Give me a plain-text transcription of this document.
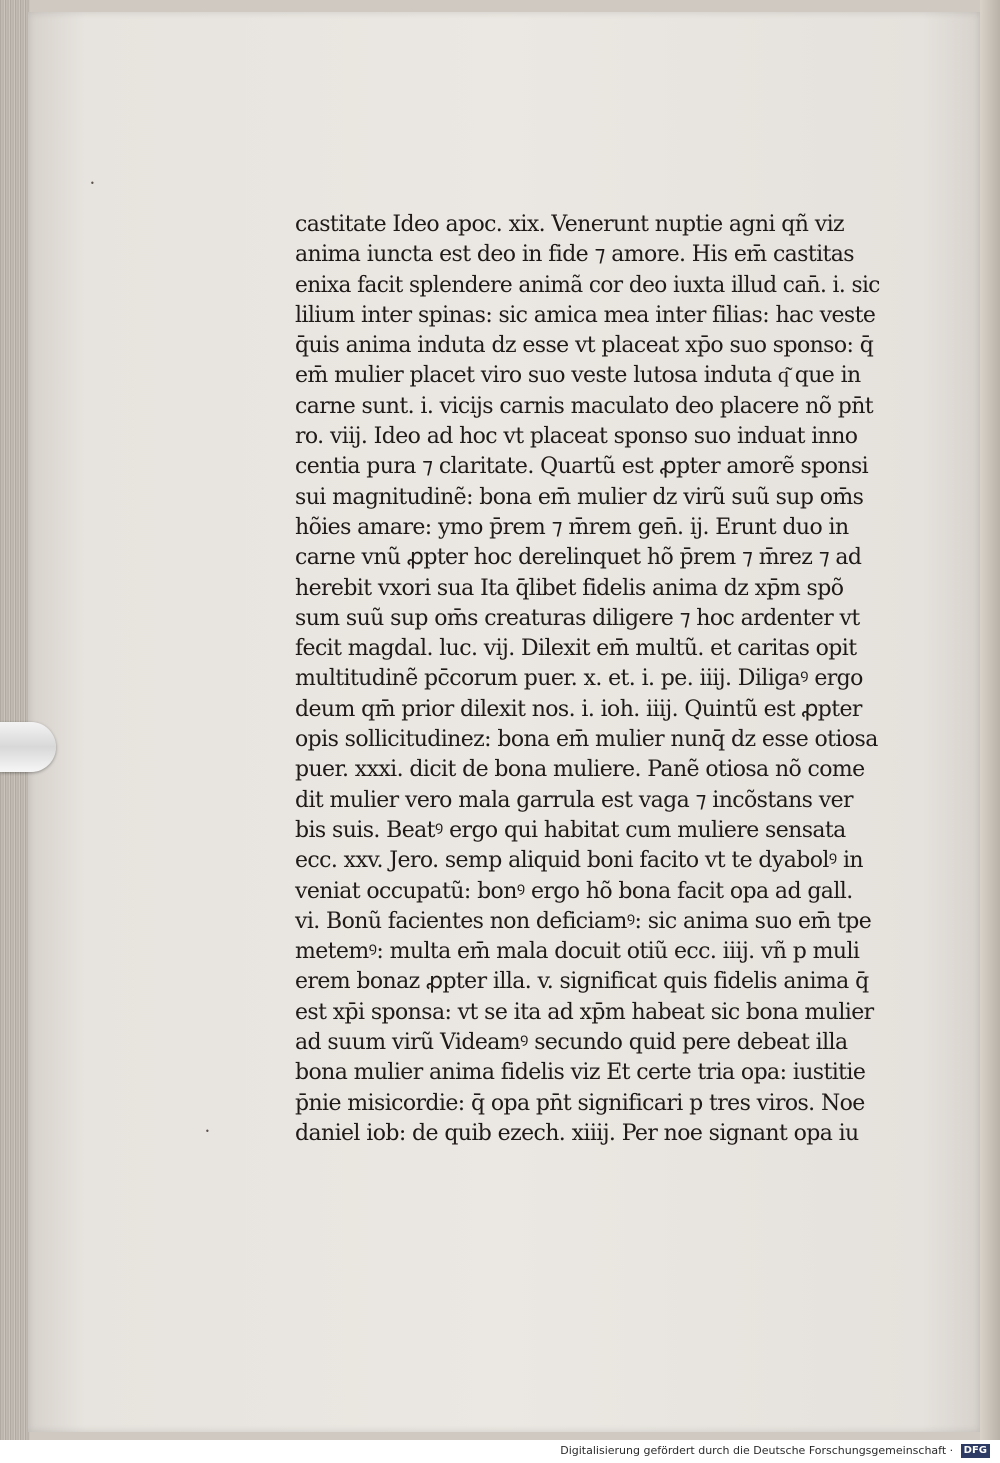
•
•
castitate Ideo apoc. xix. Venerunt nuptie agni qñ viz
anima iuncta est deo in fide ⁊ amore. His em̄ castitas
enixa facit splendere animã cor deo iuxta illud can̄. i. sic
lilium inter spinas: sic amica mea inter filias: hac veste
q̄uis anima induta dz esse vt placeat xp̄o suo sponso: q̄
em̄ mulier placet viro suo veste lutosa induta q͂ que in
carne sunt. i. vicijs carnis maculato deo placere nõ pn̄t
ro. viij. Ideo ad hoc vt placeat sponso suo induat inno
centia pura ⁊ claritate. Quartũ est ꝓpter amorẽ sponsi
sui magnitudinẽ: bona em̄ mulier dz virũ suũ sup om̄s
hõies amare: ymo p̄rem ⁊ m̄rem gen̄. ij. Erunt duo in
carne vnũ ꝓpter hoc derelinquet hõ p̄rem ⁊ m̄rez ⁊ ad
herebit vxori sua Ita q̄libet fidelis anima dz xp̄m spõ
sum suũ sup om̄s creaturas diligere ⁊ hoc ardenter vt
fecit magdal. luc. vij. Dilexit em̄ multũ. et caritas opit
multitudinẽ pc̄corum puer. x. et. i. pe. iiij. Diligaꝰ ergo
deum qm̄ prior dilexit nos. i. ioh. iiij. Quintũ est ꝓpter
opis sollicitudinez: bona em̄ mulier nunq̄ dz esse otiosa
puer. xxxi. dicit de bona muliere. Panẽ otiosa nõ come
dit mulier vero mala garrula est vaga ⁊ incõstans ver
bis suis. Beatꝰ ergo qui habitat cum muliere sensata
ecc. xxv. Jero. semp aliquid boni facito vt te dyabolꝰ in
veniat occupatũ: bonꝰ ergo hõ bona facit opa ad gall.
vi. Bonũ facientes non deficiamꝰ: sic anima suo em̄ tpe
metemꝰ: multa em̄ mala docuit otiũ ecc. iiij. vñ p muli
erem bonaz ꝓpter illa. v. significat quis fidelis anima q̄
est xp̄i sponsa: vt se ita ad xp̄m habeat sic bona mulier
ad suum virũ Videamꝰ secundo quid pere debeat illa
bona mulier anima fidelis viz Et certe tria opa: iustitie
p̄nie misicordie: q̄ opa pn̄t significari p tres viros. Noe
daniel iob: de quib ezech. xiiij. Per noe signant opa iu
Digitalisierung gefördert durch die Deutsche Forschungsgemeinschaft · DFG
